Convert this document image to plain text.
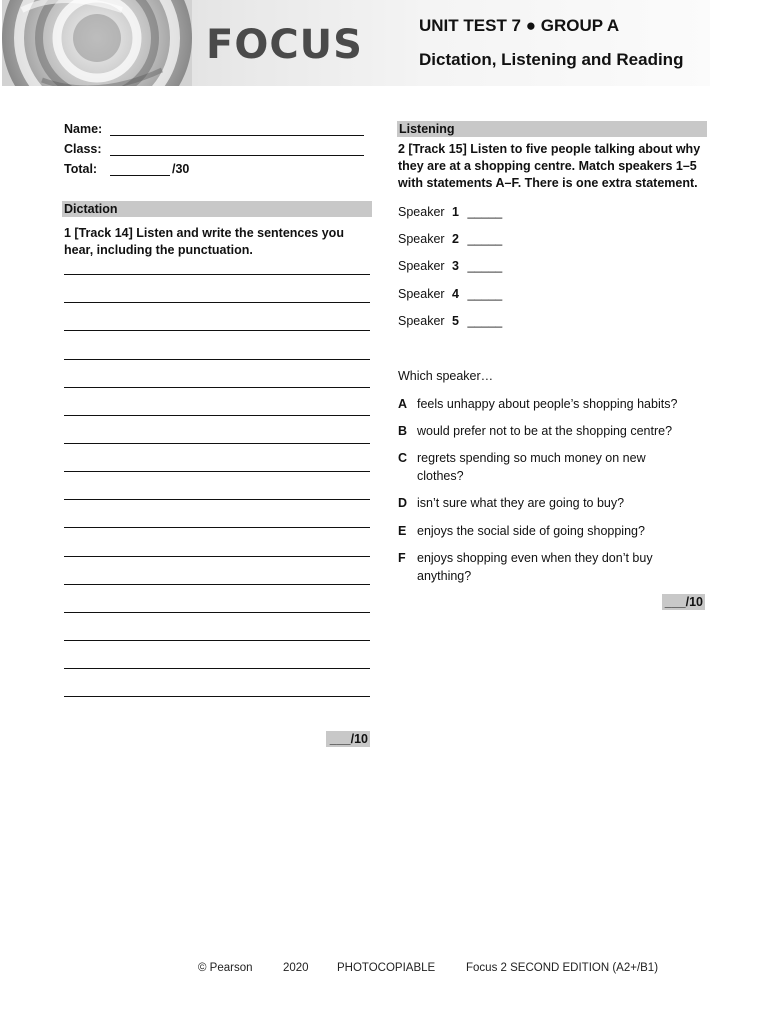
FOCUS	UNIT TEST 7 ● GROUP A
Dictation, Listening and Reading
Name:
Class:
Total:	/30
Dictation
1 [Track 14] Listen and write the sentences you
hear, including the punctuation.
___/10
Listening
2 [Track 15] Listen to five people talking about why
they are at a shopping centre. Match speakers 1–5
with statements A–F. There is one extra statement.
Speaker 1 _____
Speaker 2 _____
Speaker 3 _____
Speaker 4 _____
Speaker 5 _____
Which speaker…
A feels unhappy about people’s shopping habits?
B would prefer not to be at the shopping centre?
C regrets spending so much money on new clothes?
D isn’t sure what they are going to buy?
E enjoys the social side of going shopping?
F enjoys shopping even when they don’t buy anything?
___/10
© Pearson	2020 PHOTOCOPIABLE	Focus 2 SECOND EDITION (A2+/B1)
